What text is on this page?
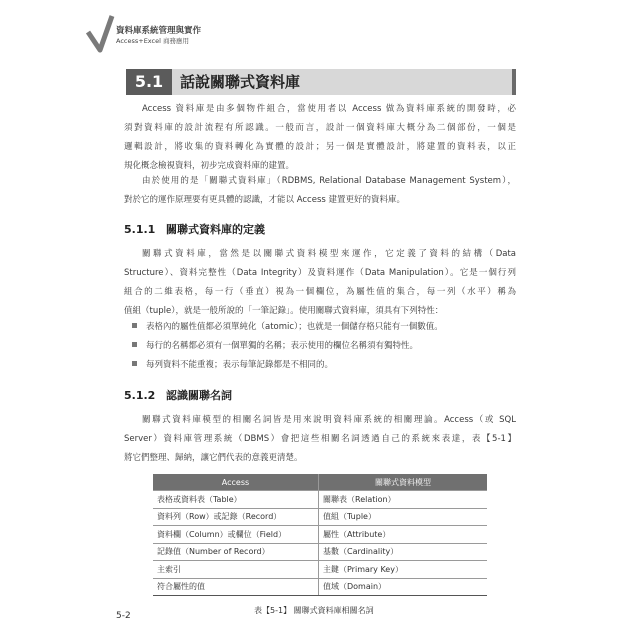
資料庫系統管理與實作
Access+Excel 商務應用
5.1	話說關聯式資料庫
Access 資料庫是由多個物件組合，當使用者以 Access 做為資料庫系統的開發時，必
須對資料庫的設計流程有所認識。一般而言，設計一個資料庫大概分為二個部份，一個是
邏輯設計，將收集的資料轉化為實體的設計；另一個是實體設計，將建置的資料表，以正
規化概念檢視資料，初步完成資料庫的建置。
由於使用的是「關聯式資料庫」（RDBMS, Relational Database Management System），
對於它的運作原理要有更具體的認識，才能以 Access 建置更好的資料庫。
5.1.1 關聯式資料庫的定義
關聯式資料庫，當然是以關聯式資料模型來運作，它定義了資料的結構（Data
Structure）、資料完整性（Data Integrity）及資料運作（Data Manipulation）。它是一個行列
組合的二維表格，每一行（垂直）視為一個欄位，為屬性值的集合，每一列（水平）稱為
值組（tuple），就是一般所說的「一筆記錄」。使用關聯式資料庫，須具有下列特性：
表格內的屬性值都必須單純化（atomic）；也就是一個儲存格只能有一個數值。
每行的名稱都必須有一個單獨的名稱；表示使用的欄位名稱須有獨特性。
每列資料不能重複；表示每筆記錄都是不相同的。
5.1.2 認識關聯名詞
關聯式資料庫模型的相關名詞皆是用來說明資料庫系統的相關理論。Access（或 SQL
Server）資料庫管理系統（DBMS）會把這些相關名詞透過自己的系統來表達，表【5-1】
將它們整理、歸納，讓它們代表的意義更清楚。
Access	關聯式資料模型
表格或資料表（Table）	關聯表（Relation）
資料列（Row）或記錄（Record）	值組（Tuple）
資料欄（Column）或欄位（Field）	屬性（Attribute）
記錄值（Number of Record）	基數（Cardinality）
主索引	主鍵（Primary Key）
符合屬性的值	值域（Domain）
表【5-1】 關聯式資料庫相關名詞
5-2
